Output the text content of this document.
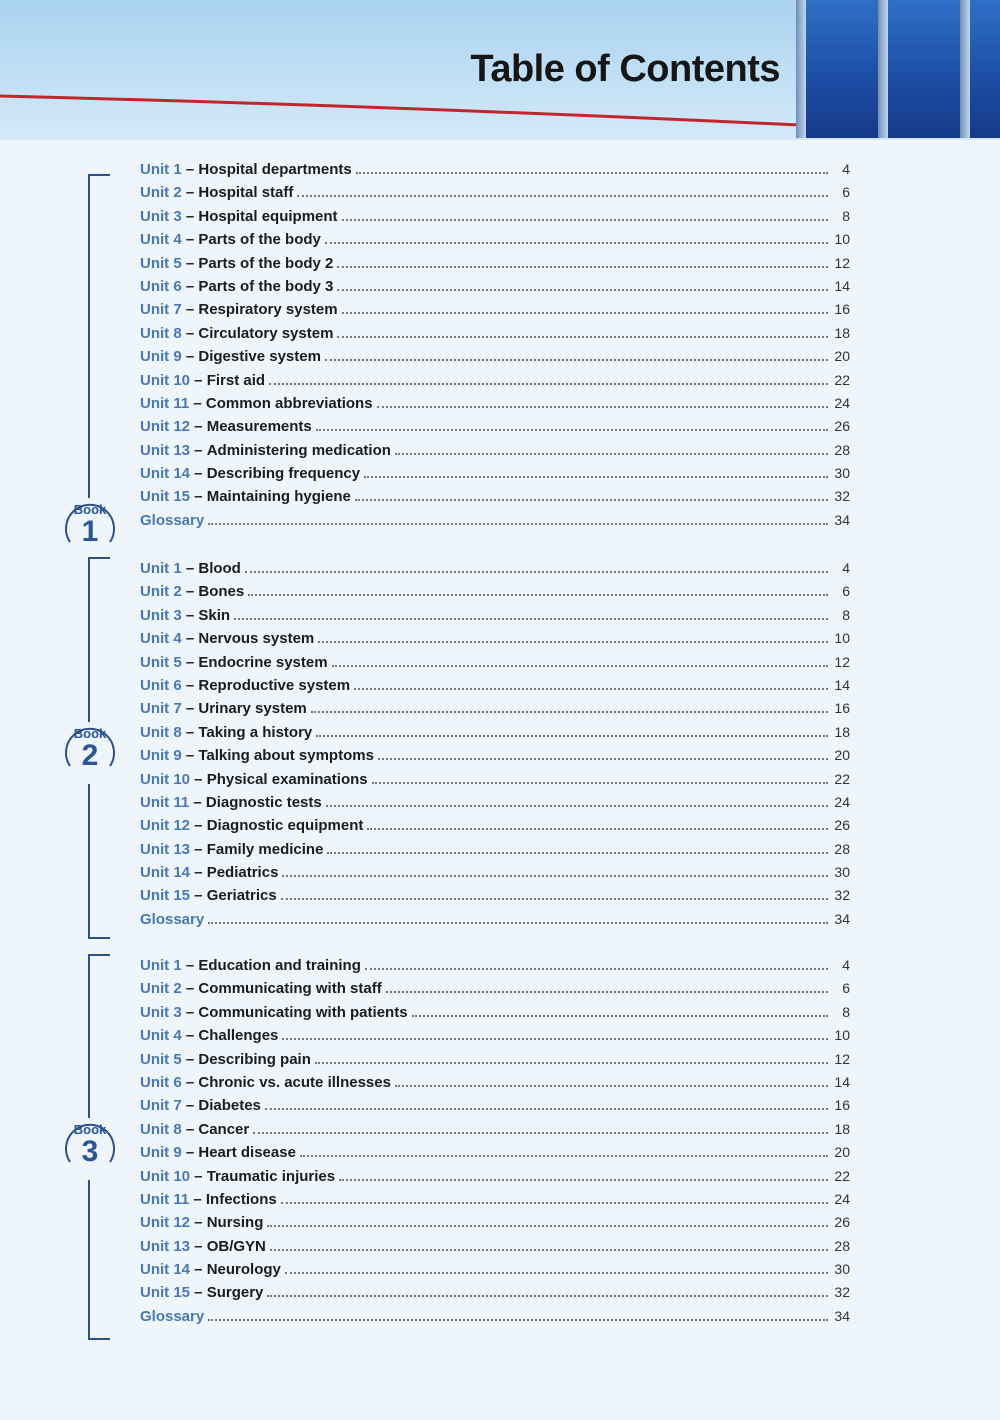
Table of Contents
Book
1
Unit 1 – Hospital departments	4
Unit 2 – Hospital staff	6
Unit 3 – Hospital equipment	8
Unit 4 – Parts of the body	10
Unit 5 – Parts of the body 2	12
Unit 6 – Parts of the body 3	14
Unit 7 – Respiratory system	16
Unit 8 – Circulatory system	18
Unit 9 – Digestive system	20
Unit 10 – First aid	22
Unit 11 – Common abbreviations	24
Unit 12 – Measurements	26
Unit 13 – Administering medication	28
Unit 14 – Describing frequency	30
Unit 15 – Maintaining hygiene	32
Glossary	34
Book
2
Unit 1 – Blood	4
Unit 2 – Bones	6
Unit 3 – Skin	8
Unit 4 – Nervous system	10
Unit 5 – Endocrine system	12
Unit 6 – Reproductive system	14
Unit 7 – Urinary system	16
Unit 8 – Taking a history	18
Unit 9 – Talking about symptoms	20
Unit 10 – Physical examinations	22
Unit 11 – Diagnostic tests	24
Unit 12 – Diagnostic equipment	26
Unit 13 – Family medicine	28
Unit 14 – Pediatrics	30
Unit 15 – Geriatrics	32
Glossary	34
Book
3
Unit 1 – Education and training	4
Unit 2 – Communicating with staff	6
Unit 3 – Communicating with patients	8
Unit 4 – Challenges	10
Unit 5 – Describing pain	12
Unit 6 – Chronic vs. acute illnesses	14
Unit 7 – Diabetes	16
Unit 8 – Cancer	18
Unit 9 – Heart disease	20
Unit 10 – Traumatic injuries	22
Unit 11 – Infections	24
Unit 12 – Nursing	26
Unit 13 – OB/GYN	28
Unit 14 – Neurology	30
Unit 15 – Surgery	32
Glossary	34
